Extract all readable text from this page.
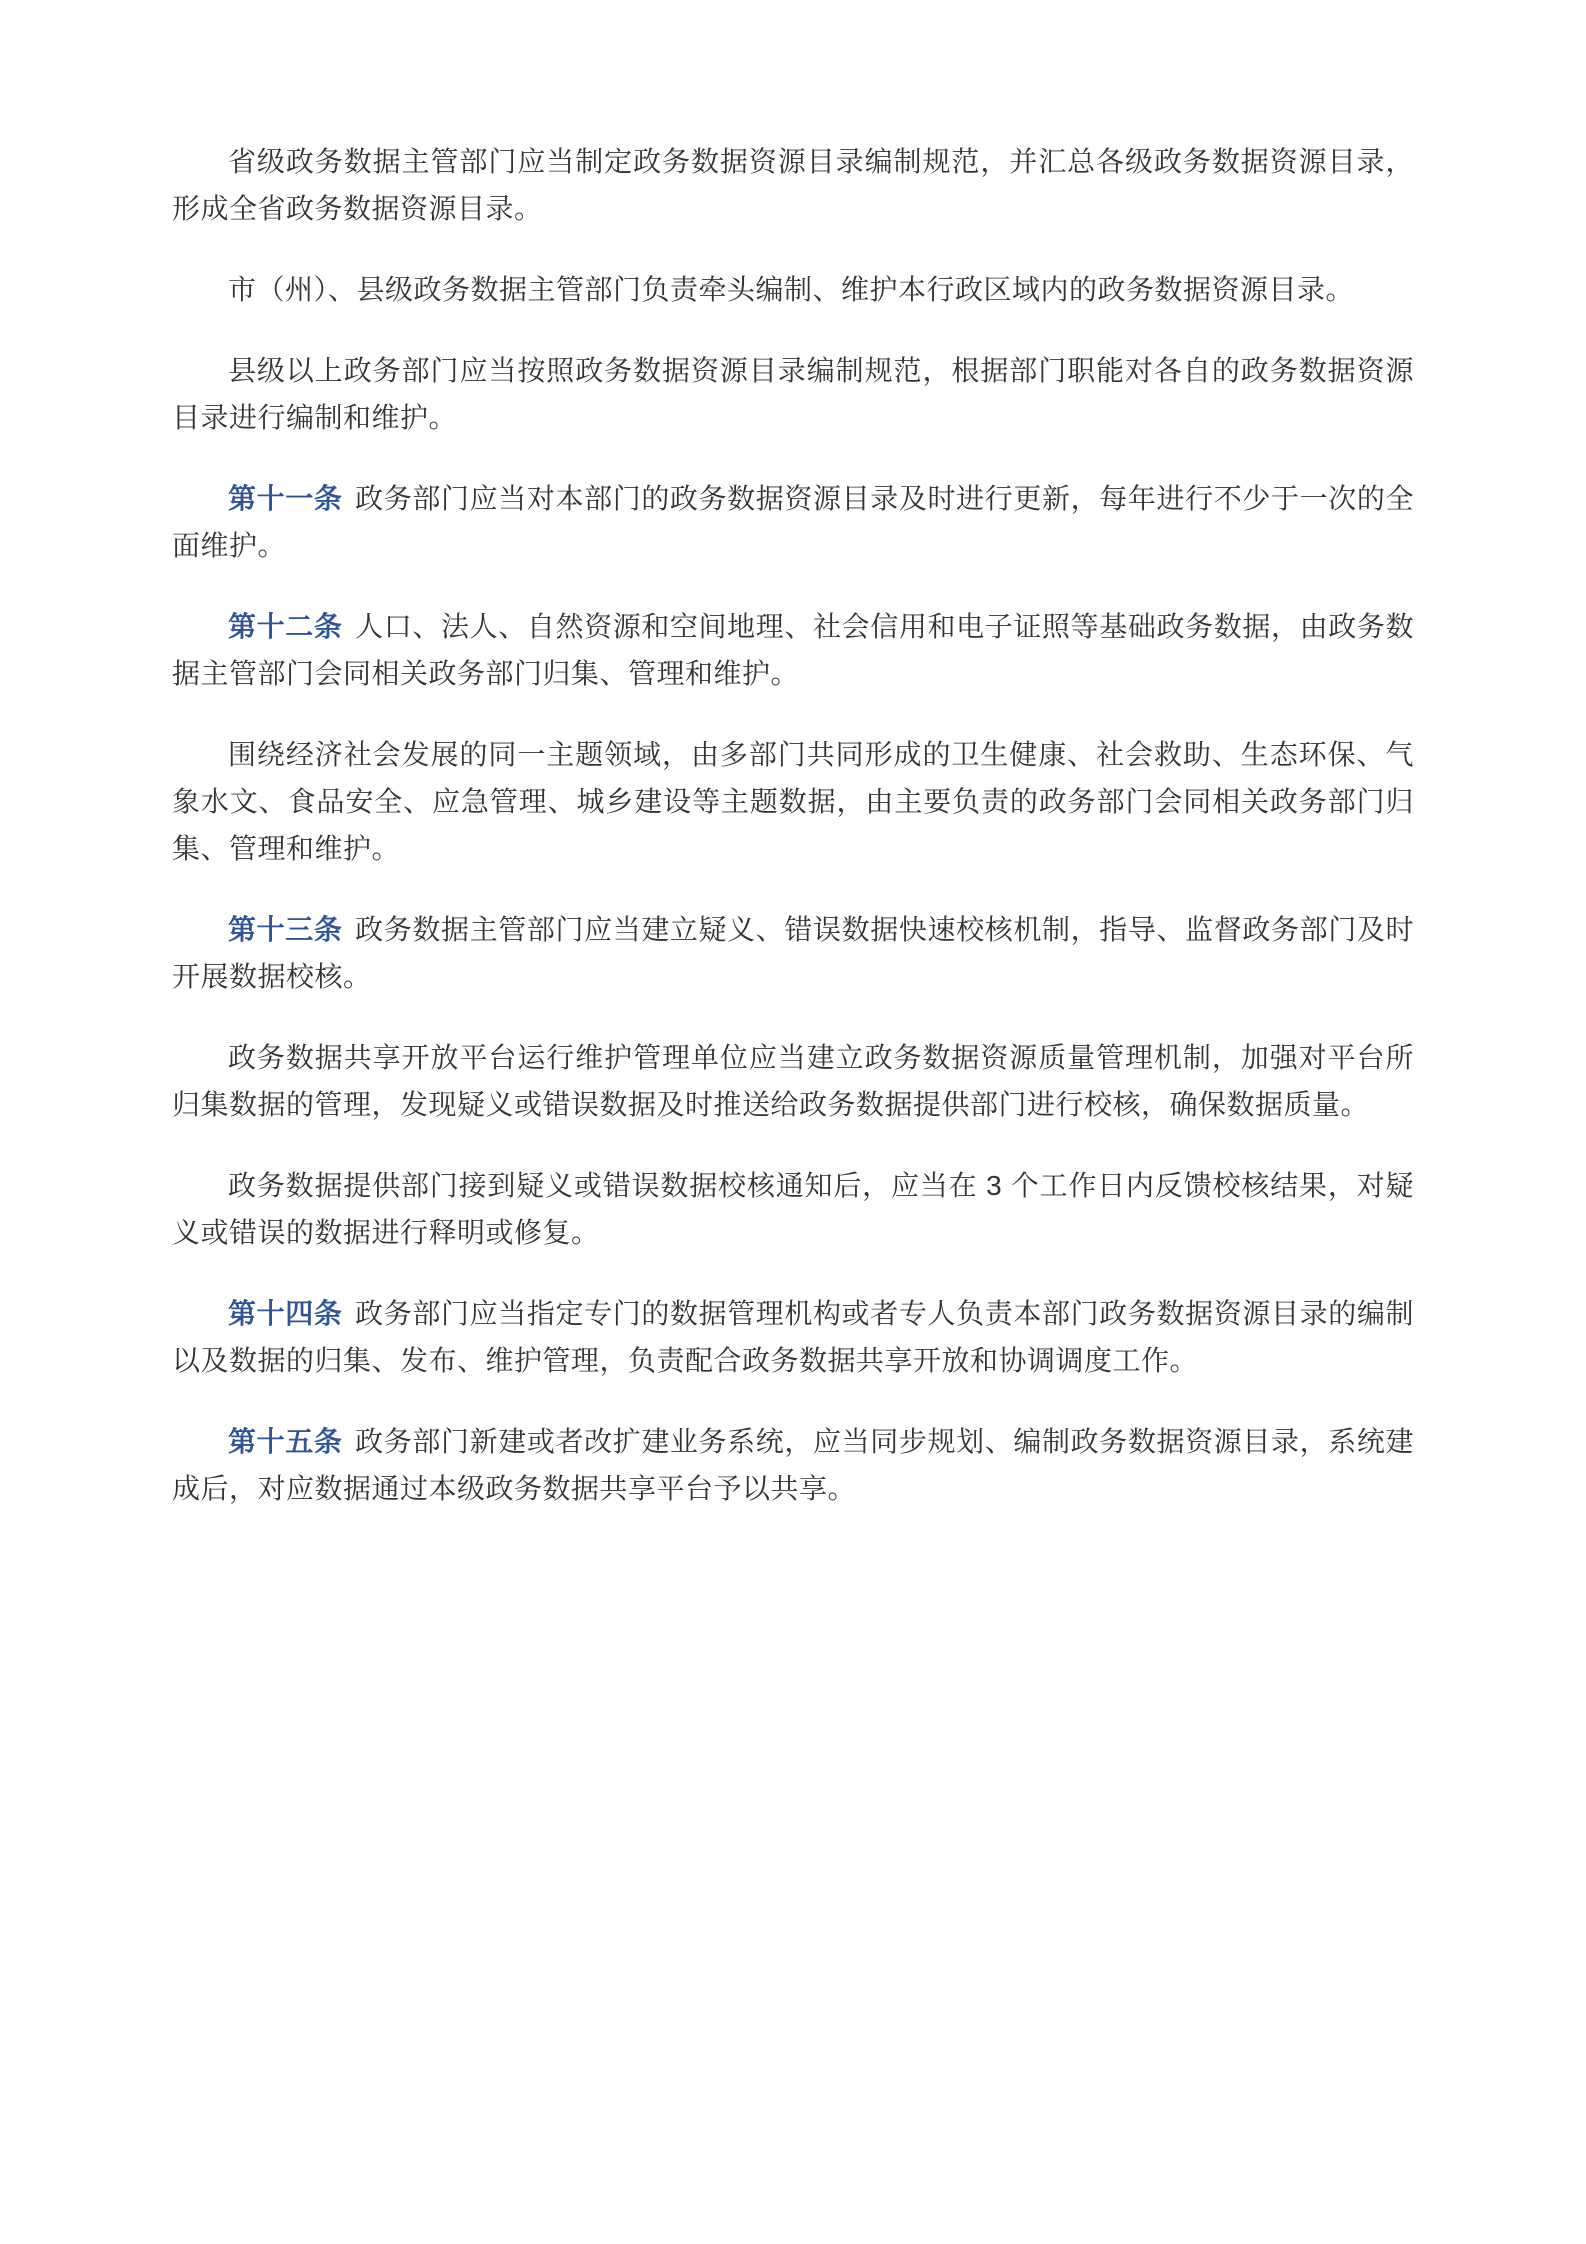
省级政务数据主管部门应当制定政务数据资源目录编制规范，并汇总各级政务数据资源目录，形成全省政务数据资源目录。

市（州）、县级政务数据主管部门负责牵头编制、维护本行政区域内的政务数据资源目录。

县级以上政务部门应当按照政务数据资源目录编制规范，根据部门职能对各自的政务数据资源目录进行编制和维护。

第十一条 政务部门应当对本部门的政务数据资源目录及时进行更新，每年进行不少于一次的全面维护。

第十二条 人口、法人、自然资源和空间地理、社会信用和电子证照等基础政务数据，由政务数据主管部门会同相关政务部门归集、管理和维护。

围绕经济社会发展的同一主题领域，由多部门共同形成的卫生健康、社会救助、生态环保、气象水文、食品安全、应急管理、城乡建设等主题数据，由主要负责的政务部门会同相关政务部门归集、管理和维护。

第十三条 政务数据主管部门应当建立疑义、错误数据快速校核机制，指导、监督政务部门及时开展数据校核。

政务数据共享开放平台运行维护管理单位应当建立政务数据资源质量管理机制，加强对平台所归集数据的管理，发现疑义或错误数据及时推送给政务数据提供部门进行校核，确保数据质量。

政务数据提供部门接到疑义或错误数据校核通知后，应当在 3 个工作日内反馈校核结果，对疑义或错误的数据进行释明或修复。

第十四条 政务部门应当指定专门的数据管理机构或者专人负责本部门政务数据资源目录的编制以及数据的归集、发布、维护管理，负责配合政务数据共享开放和协调调度工作。

第十五条 政务部门新建或者改扩建业务系统，应当同步规划、编制政务数据资源目录，系统建成后，对应数据通过本级政务数据共享平台予以共享。
